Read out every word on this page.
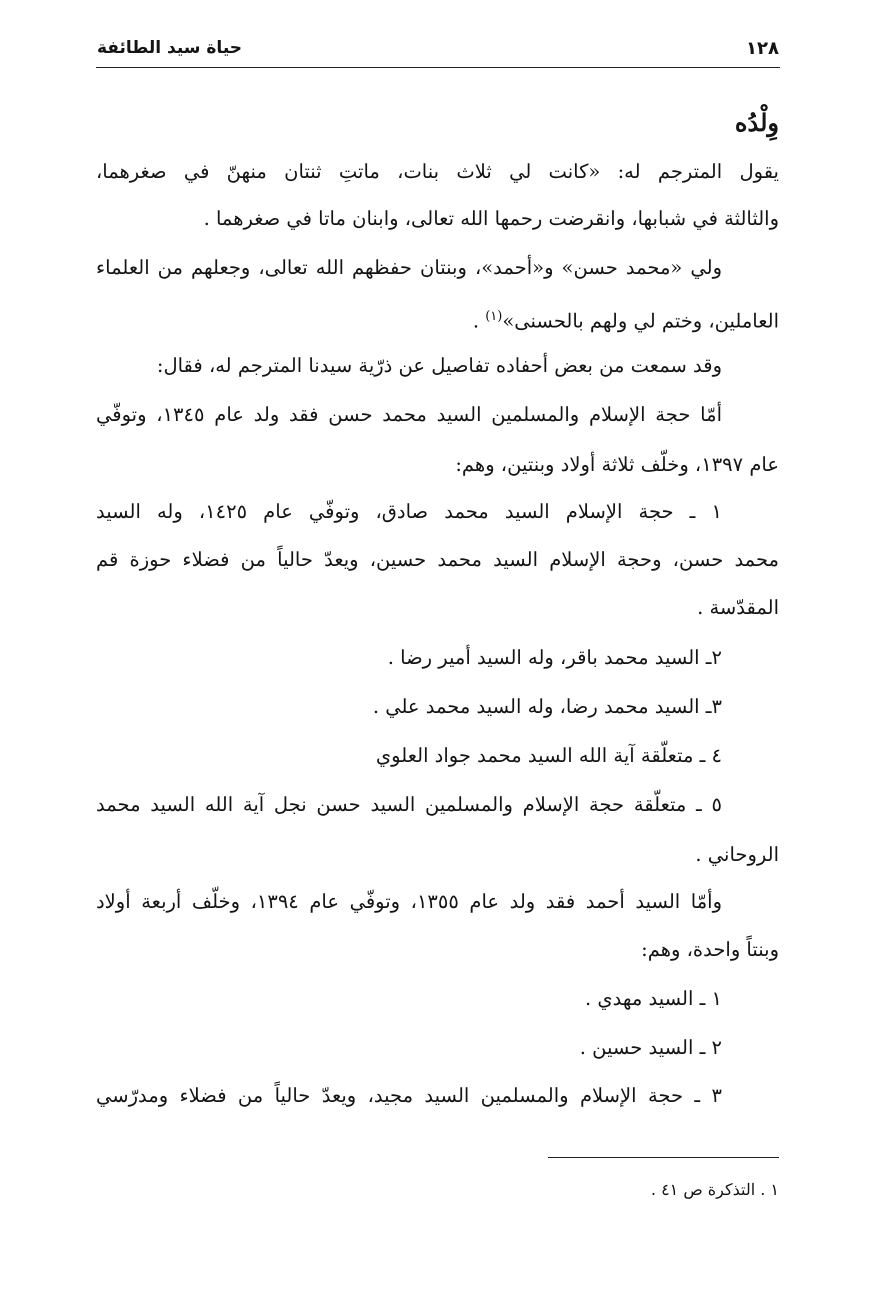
حياة سيد الطائفة	١٢٨
وِلْدُه
يقول المترجم له: «كانت لي ثلاث بنات، ماتتِ ثنتان منهنّ في صغرهما،
والثالثة في شبابها، وانقرضت رحمها الله تعالى، وابنان ماتا في صغرهما .
ولي «محمد حسن» و«أحمد»، وبنتان حفظهم الله تعالى، وجعلهم من العلماء
العاملين، وختم لي ولهم بالحسنى»$^{(١)}$ .
وقد سمعت من بعض أحفاده تفاصيل عن ذرّية سيدنا المترجم له، فقال:
أمّا حجة الإسلام والمسلمين السيد محمد حسن فقد ولد عام ١٣٤٥، وتوفّي
عام ١٣٩٧، وخلّف ثلاثة أولاد وبنتين، وهم:
١ ـ حجة الإسلام السيد محمد صادق، وتوفّي عام ١٤٢٥، وله السيد
محمد حسن، وحجة الإسلام السيد محمد حسين، ويعدّ حالياً من فضلاء حوزة قم
المقدّسة .
٢ـ السيد محمد باقر، وله السيد أمير رضا .
٣ـ السيد محمد رضا، وله السيد محمد علي .
٤ ـ متعلّقة آية الله السيد محمد جواد العلوي
٥ ـ متعلّقة حجة الإسلام والمسلمين السيد حسن نجل آية الله السيد محمد
الروحاني .
وأمّا السيد أحمد فقد ولد عام ١٣٥٥، وتوفّي عام ١٣٩٤، وخلّف أربعة أولاد
وبنتاً واحدة، وهم:
١ ـ السيد مهدي .
٢ ـ السيد حسين .
٣ ـ حجة الإسلام والمسلمين السيد مجيد، ويعدّ حالياً من فضلاء ومدرّسي
١ . التذكرة ص ٤١ .
